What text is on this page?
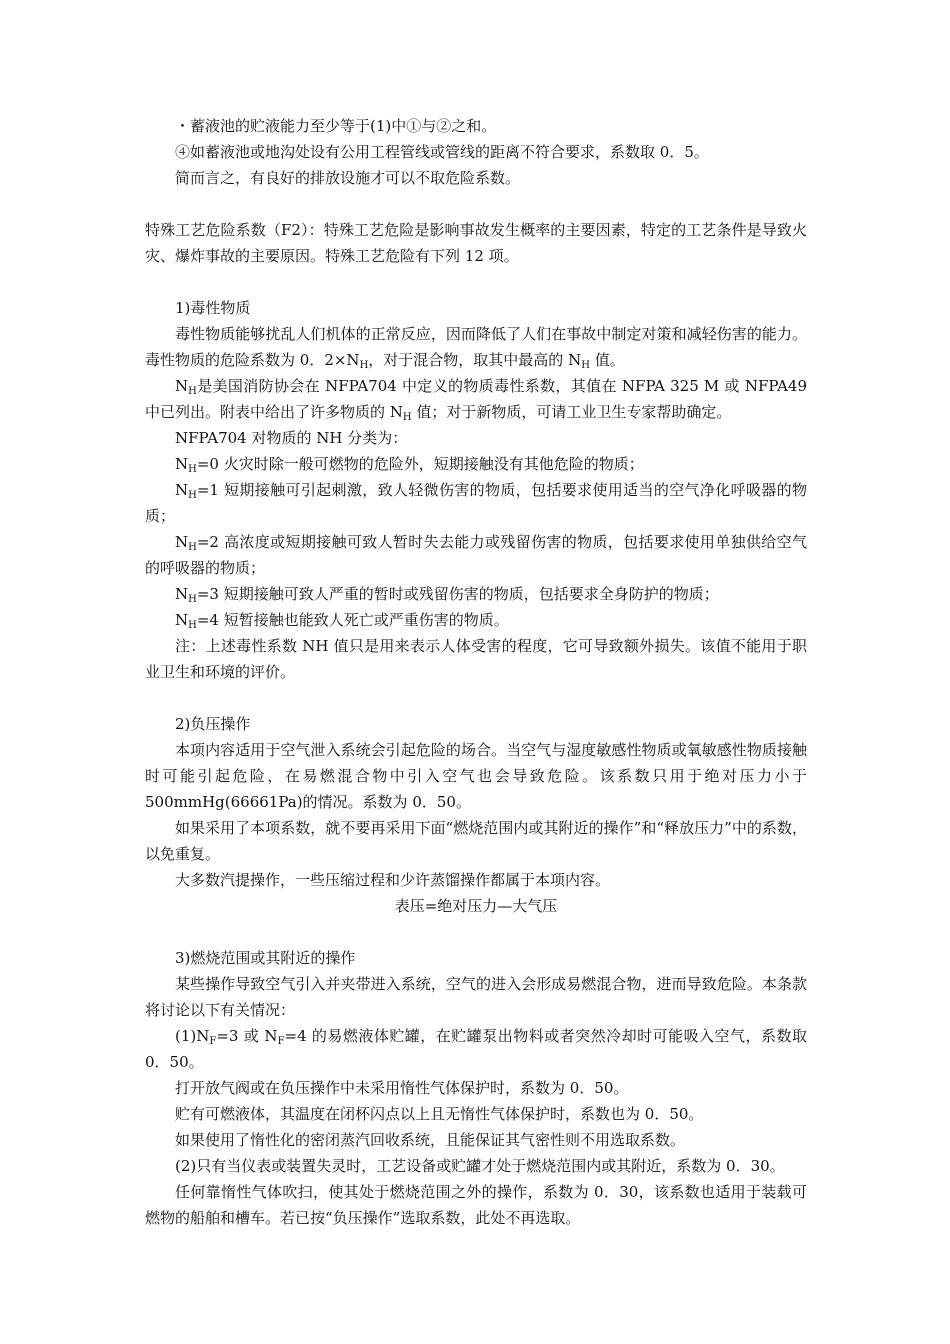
・蓄液池的贮液能力至少等于(1)中①与②之和。

④如蓄液池或地沟处设有公用工程管线或管线的距离不符合要求，系数取 0．5。

简而言之，有良好的排放设施才可以不取危险系数。

特殊工艺危险系数（F2）：特殊工艺危险是影响事故发生概率的主要因素，特定的工艺条件是导致火灾、爆炸事故的主要原因。特殊工艺危险有下列 12 项。

1)毒性物质

毒性物质能够扰乱人们机体的正常反应，因而降低了人们在事故中制定对策和减轻伤害的能力。毒性物质的危险系数为 0．$2\times N_H$，对于混合物，取其中最高的 $N_H$ 值。

$N_H$是美国消防协会在 NFPA704 中定义的物质毒性系数，其值在 NFPA 325 M 或 NFPA49 中已列出。附表中给出了许多物质的 $N_H$ 值；对于新物质，可请工业卫生专家帮助确定。

NFPA704 对物质的 NH 分类为：

$N_H=0$ 火灾时除一般可燃物的危险外，短期接触没有其他危险的物质；

$N_H=1$ 短期接触可引起刺激，致人轻微伤害的物质，包括要求使用适当的空气净化呼吸器的物质；

$N_H=2$ 高浓度或短期接触可致人暂时失去能力或残留伤害的物质，包括要求使用单独供给空气的呼吸器的物质；

$N_H=3$ 短期接触可致人严重的暂时或残留伤害的物质，包括要求全身防护的物质；

$N_H=4$ 短暂接触也能致人死亡或严重伤害的物质。

注：上述毒性系数 NH 值只是用来表示人体受害的程度，它可导致额外损失。该值不能用于职业卫生和环境的评价。

2)负压操作

本项内容适用于空气泄入系统会引起危险的场合。当空气与湿度敏感性物质或氧敏感性物质接触时可能引起危险，在易燃混合物中引入空气也会导致危险。该系数只用于绝对压力小于 500mmHg(66661Pa)的情况。系数为 0．50。

如果采用了本项系数，就不要再采用下面“燃烧范围内或其附近的操作”和“释放压力”中的系数，以免重复。

大多数汽提操作，一些压缩过程和少许蒸馏操作都属于本项内容。

表压=绝对压力—大气压

3)燃烧范围或其附近的操作

某些操作导致空气引入并夹带进入系统，空气的进入会形成易燃混合物，进而导致危险。本条款将讨论以下有关情况：

$(1)N_F=3$ 或 $N_F=4$ 的易燃液体贮罐，在贮罐泵出物料或者突然冷却时可能吸入空气，系数取 0．50。

打开放气阀或在负压操作中未采用惰性气体保护时，系数为 0．50。

贮有可燃液体，其温度在闭杯闪点以上且无惰性气体保护时，系数也为 0．50。

如果使用了惰性化的密闭蒸汽回收系统，且能保证其气密性则不用选取系数。

(2)只有当仪表或装置失灵时，工艺设备或贮罐才处于燃烧范围内或其附近，系数为 0．30。

任何靠惰性气体吹扫，使其处于燃烧范围之外的操作，系数为 0．30，该系数也适用于装载可燃物的船舶和槽车。若已按“负压操作”选取系数，此处不再选取。
